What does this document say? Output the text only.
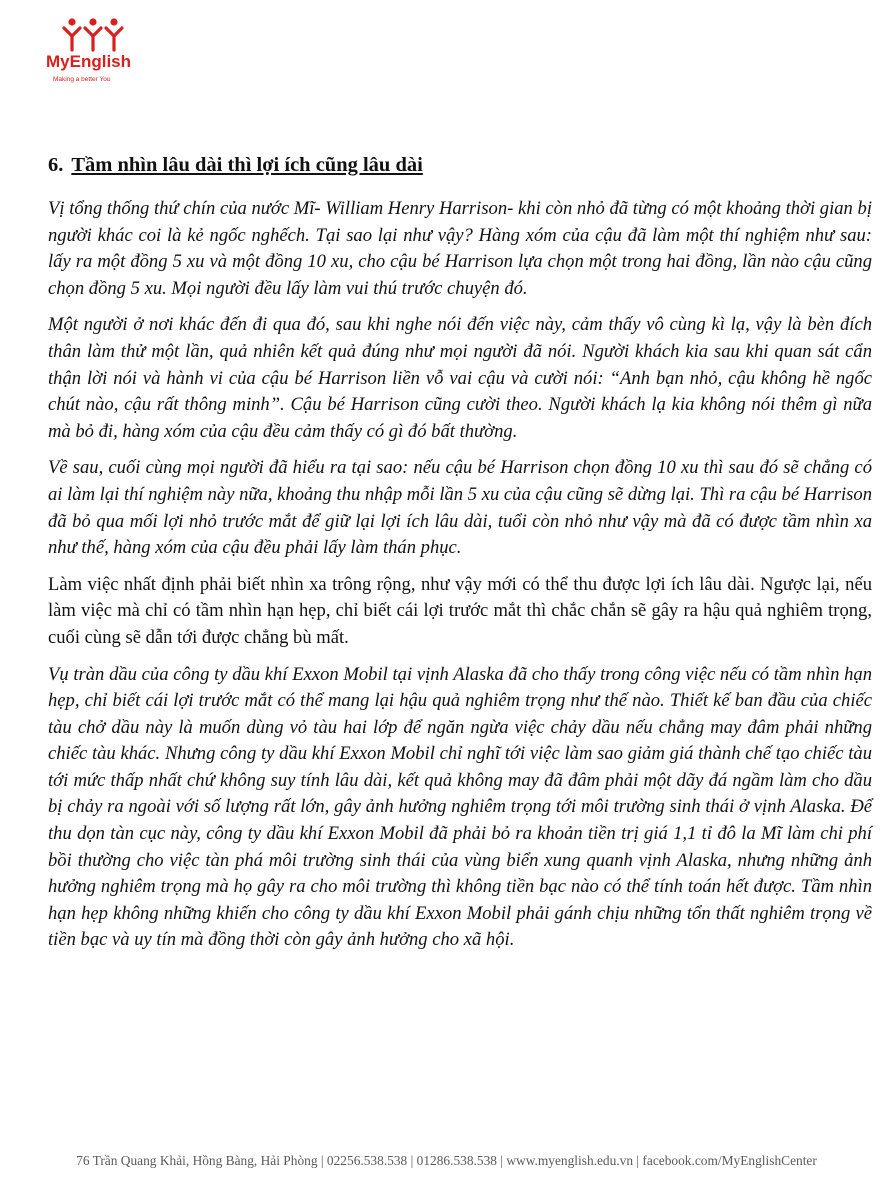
MyEnglish
Making a better You
6. Tầm nhìn lâu dài thì lợi ích cũng lâu dài

Vị tổng thống thứ chín của nước Mĩ- William Henry Harrison- khi còn nhỏ đã từng có một khoảng thời gian bị người khác coi là kẻ ngốc nghếch. Tại sao lại như vậy? Hàng xóm của cậu đã làm một thí nghiệm như sau: lấy ra một đồng 5 xu và một đồng 10 xu, cho cậu bé Harrison lựa chọn một trong hai đồng, lần nào cậu cũng chọn đồng 5 xu. Mọi người đều lấy làm vui thú trước chuyện đó.

Một người ở nơi khác đến đi qua đó, sau khi nghe nói đến việc này, cảm thấy vô cùng kì lạ, vậy là bèn đích thân làm thử một lần, quả nhiên kết quả đúng như mọi người đã nói. Người khách kia sau khi quan sát cẩn thận lời nói và hành vi của cậu bé Harrison liền vỗ vai cậu và cười nói: “Anh bạn nhỏ, cậu không hề ngốc chút nào, cậu rất thông minh”. Cậu bé Harrison cũng cười theo. Người khách lạ kia không nói thêm gì nữa mà bỏ đi, hàng xóm của cậu đều cảm thấy có gì đó bất thường.

Về sau, cuối cùng mọi người đã hiểu ra tại sao: nếu cậu bé Harrison chọn đồng 10 xu thì sau đó sẽ chẳng có ai làm lại thí nghiệm này nữa, khoảng thu nhập mỗi lần 5 xu của cậu cũng sẽ dừng lại. Thì ra cậu bé Harrison đã bỏ qua mối lợi nhỏ trước mắt để giữ lại lợi ích lâu dài, tuổi còn nhỏ như vậy mà đã có được tầm nhìn xa như thế, hàng xóm của cậu đều phải lấy làm thán phục.

Làm việc nhất định phải biết nhìn xa trông rộng, như vậy mới có thể thu được lợi ích lâu dài. Ngược lại, nếu làm việc mà chỉ có tầm nhìn hạn hẹp, chỉ biết cái lợi trước mắt thì chắc chắn sẽ gây ra hậu quả nghiêm trọng, cuối cùng sẽ dẫn tới được chẳng bù mất.

Vụ tràn dầu của công ty dầu khí Exxon Mobil tại vịnh Alaska đã cho thấy trong công việc nếu có tầm nhìn hạn hẹp, chỉ biết cái lợi trước mắt có thể mang lại hậu quả nghiêm trọng như thế nào. Thiết kế ban đầu của chiếc tàu chở dầu này là muốn dùng vỏ tàu hai lớp để ngăn ngừa việc chảy dầu nếu chẳng may đâm phải những chiếc tàu khác. Nhưng công ty dầu khí Exxon Mobil chỉ nghĩ tới việc làm sao giảm giá thành chế tạo chiếc tàu tới mức thấp nhất chứ không suy tính lâu dài, kết quả không may đã đâm phải một dãy đá ngầm làm cho dầu bị chảy ra ngoài với số lượng rất lớn, gây ảnh hưởng nghiêm trọng tới môi trường sinh thái ở vịnh Alaska. Để thu dọn tàn cục này, công ty dầu khí Exxon Mobil đã phải bỏ ra khoản tiền trị giá 1,1 tỉ đô la Mĩ làm chi phí bồi thường cho việc tàn phá môi trường sinh thái của vùng biển xung quanh vịnh Alaska, nhưng những ảnh hưởng nghiêm trọng mà họ gây ra cho môi trường thì không tiền bạc nào có thể tính toán hết được. Tầm nhìn hạn hẹp không những khiến cho công ty dầu khí Exxon Mobil phải gánh chịu những tổn thất nghiêm trọng về tiền bạc và uy tín mà đồng thời còn gây ảnh hưởng cho xã hội.

76 Trần Quang Khải, Hồng Bàng, Hải Phòng | 02256.538.538 | 01286.538.538 | www.myenglish.edu.vn | facebook.com/MyEnglishCenter
